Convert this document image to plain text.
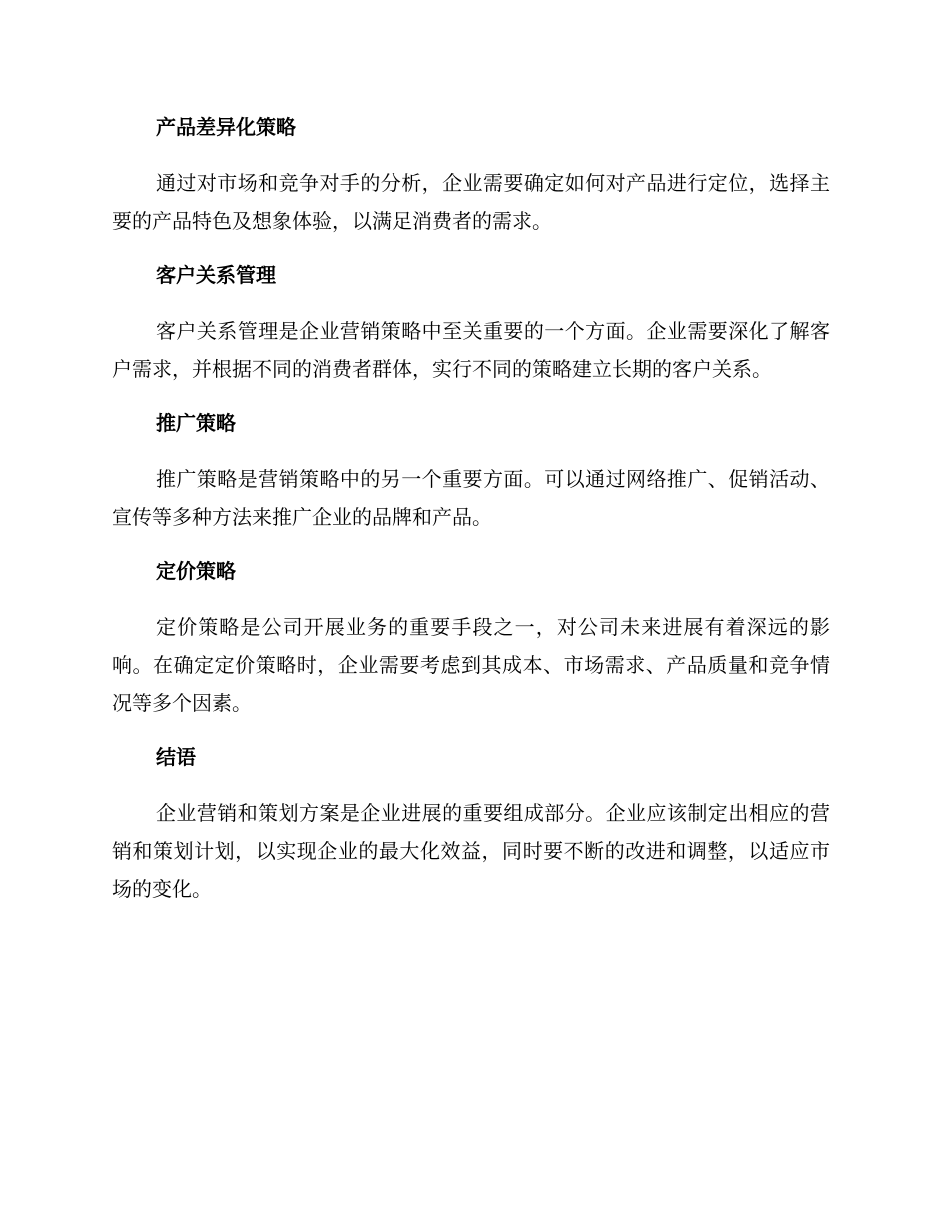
产品差异化策略

通过对市场和竞争对手的分析，企业需要确定如何对产品进行定位，选择主要的产品特色及想象体验，以满足消费者的需求。

客户关系管理

客户关系管理是企业营销策略中至关重要的一个方面。企业需要深化了解客户需求，并根据不同的消费者群体，实行不同的策略建立长期的客户关系。

推广策略

推广策略是营销策略中的另一个重要方面。可以通过网络推广、促销活动、宣传等多种方法来推广企业的品牌和产品。

定价策略

定价策略是公司开展业务的重要手段之一，对公司未来进展有着深远的影响。在确定定价策略时，企业需要考虑到其成本、市场需求、产品质量和竞争情况等多个因素。

结语

企业营销和策划方案是企业进展的重要组成部分。企业应该制定出相应的营销和策划计划，以实现企业的最大化效益，同时要不断的改进和调整，以适应市场的变化。
